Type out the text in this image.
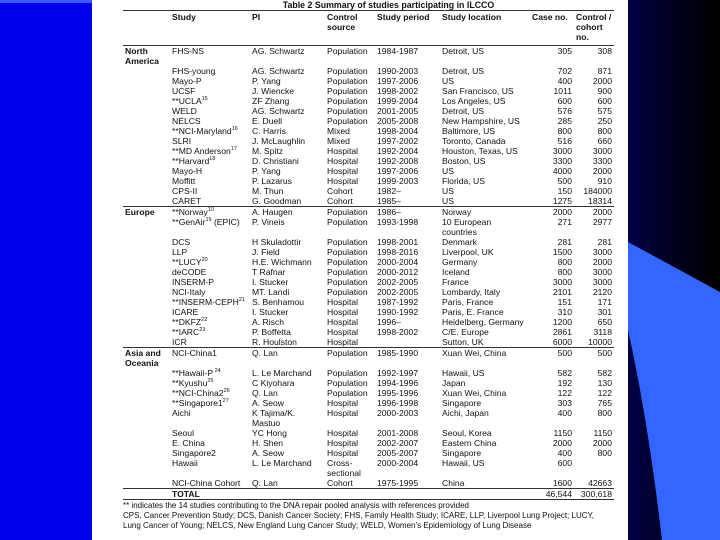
Table 2 Summary of studies participating in ILCCO
	Study	PI	Control source	Study period	Study location	Case no.	Control / cohort no.
North America	FHS-NS	AG. Schwartz	Population	1984-1987	Detroit, US	305	308
	FHS-young	AG. Schwartz	Population	1990-2003	Detroit, US	702	871
	Mayo-P	P. Yang	Population	1997-2006	US	400	2000
	UCSF	J. Wiencke	Population	1998-2002	San Francisco, US	1011	900
	**UCLA$^{15}$	ZF Zhang	Population	1999-2004	Los Angeles, US	600	600
	WELD	AG. Schwartz	Population	2001-2005	Detroit, US	576	575
	NELCS	E. Duell	Population	2005-2008	New Hampshire, US	285	250
	**NCI-Maryland$^{16}$	C. Harris	Mixed	1998-2004	Baltimore, US	800	800
	SLRI	J. McLaughlin	Mixed	1997-2002	Toronto, Canada	516	660
	**MD Anderson$^{17}$	M. Spitz	Hospital	1992-2004	Houston, Texas, US	3000	3000
	**Harvard$^{18}$	D. Christiani	Hospital	1992-2008	Boston, US	3300	3300
	Mayo-H	P. Yang	Hospital	1997-2006	US	4000	2000
	Moffitt	P. Lazarus	Hospital	1999-2003	Florida, US	500	910
	CPS-II	M. Thun	Cohort	1982–	US	150	184000
	CARET	G. Goodman	Cohort	1985–	US	1275	18314
Europe	**Norway$^{10}$	A. Haugen	Population	1986–	Norway	2000	2000
	**GenAir$^{19}$ (EPIC)	P. Vineis	Population	1993-1998	10 European countries	271	2977
	DCS	H Skuladottir	Population	1998-2001	Denmark	281	281
	LLP	J. Field	Population	1998-2016	Liverpool, UK	1500	3000
	**LUCY$^{20}$	H.E. Wichmann	Population	2000-2004	Germany	800	2000
	deCODE	T Rafnar	Population	2000-2012	Iceland	800	3000
	INSERM-P	I. Stucker	Population	2002-2005	France	3000	3000
	NCI-Italy	MT. Landi	Population	2002-2005	Lombardy, Italy	2101	2120
	**INSERM-CEPH$^{21}$	S. Benhamou	Hospital	1987-1992	Paris, France	151	171
	ICARE	I. Stucker	Hospital	1990-1992	Paris, E. France	310	301
	**DKFZ$^{22}$	A. Risch	Hospital	1996–	Heidelberg, Germany	1200	650
	**IARC$^{23}$	P. Boffetta	Hospital	1998-2002	C/E. Europe	2861	3118
	ICR	R. Houlston	Hospital		Sutton, UK	6000	10000
Asia and Oceania	NCI-China1	Q. Lan	Population	1985-1990	Xuan Wei, China	500	500
	**Hawaii-P $^{24}$	L. Le Marchand	Population	1992-1997	Hawaii, US	582	582
	**Kyushu$^{25}$	C Kiyohara	Population	1994-1996	Japan	192	130
	$**NCI-China2^{26}$	Q. Lan	Population	1995-1996	Xuan Wei, China	122	122
	$**Singapore1^{27}$	A. Seow	Hospital	1996-1998	Singapore	303	765
	Aichi	K Tajima/K. Mastuo	Hospital	2000-2003	Aichi, Japan	400	800
	Seoul	YC Hong	Hospital	2001-2008	Seoul, Korea	1150	1150
	E. China	H. Shen	Hospital	2002-2007	Eastern China	2000	2000
	Singapore2	A. Seow	Hospital	2005-2007	Singapore	400	800
	Hawaii	L. Le Marchand	Cross-sectional	2000-2004	Hawaii, US	600	
	NCI-China Cohort	Q. Lan	Cohort	1975-1995	China	1600	42663
	TOTAL					46,544	300,618
** indicates the 14 studies contributing to the DNA repair pooled analysis with references provided
CPS, Cancer Prevention Study; DCS, Danish Cancer Society; FHS, Family Health Study; ICARE, LLP, Liverpool Lung Project; LUCY, Lung Cancer of Young; NELCS, New England Lung Cancer Study; WELD, Women’s Epidemiology of Lung Disease
